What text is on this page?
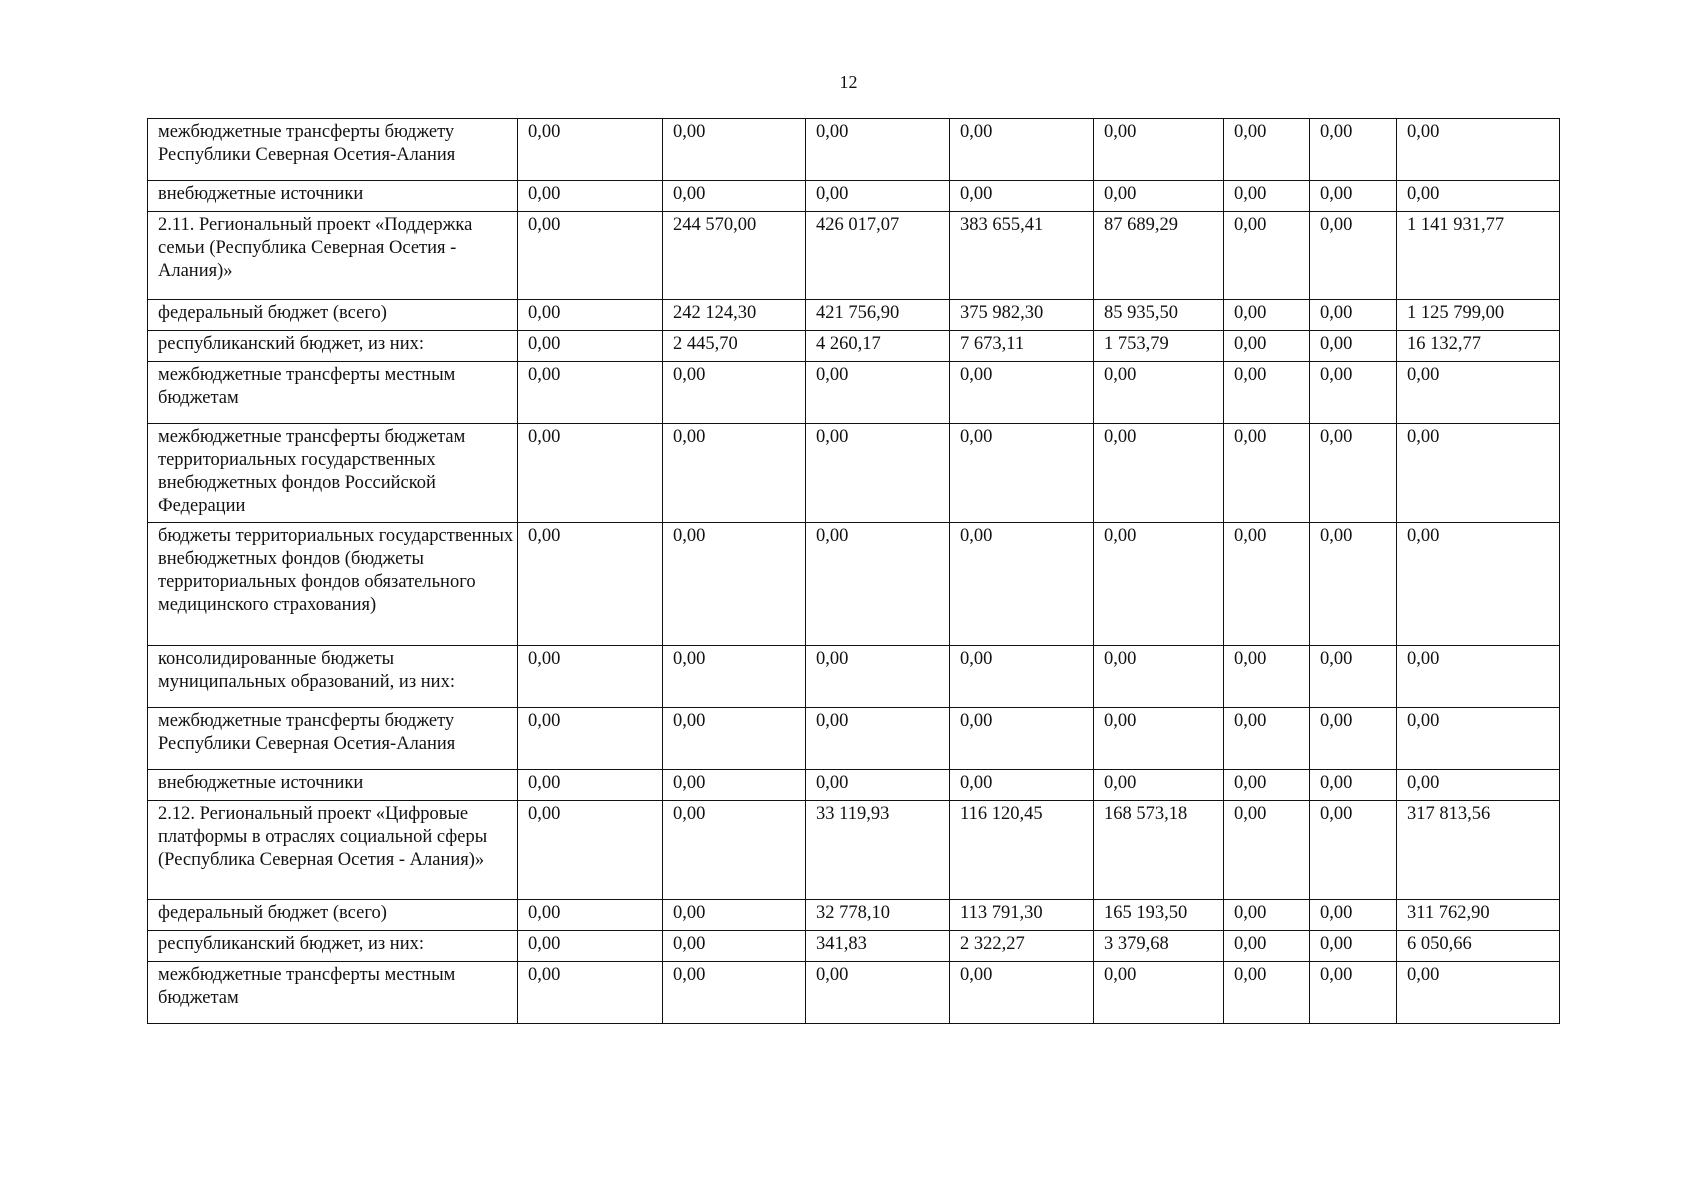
12
межбюджетные трансферты бюджету Республики Северная Осетия-Алания	0,00	0,00	0,00	0,00	0,00	0,00	0,00	0,00
внебюджетные источники	0,00	0,00	0,00	0,00	0,00	0,00	0,00	0,00
2.11. Региональный проект «Поддержка семьи (Республика Северная Осетия - Алания)»	0,00	244 570,00	426 017,07	383 655,41	87 689,29	0,00	0,00	1 141 931,77
федеральный бюджет (всего)	0,00	242 124,30	421 756,90	375 982,30	85 935,50	0,00	0,00	1 125 799,00
республиканский бюджет, из них:	0,00	2 445,70	4 260,17	7 673,11	1 753,79	0,00	0,00	16 132,77
межбюджетные трансферты местным бюджетам	0,00	0,00	0,00	0,00	0,00	0,00	0,00	0,00
межбюджетные трансферты бюджетам территориальных государственных внебюджетных фондов Российской Федерации	0,00	0,00	0,00	0,00	0,00	0,00	0,00	0,00
бюджеты территориальных государственных внебюджетных фондов (бюджеты территориальных фондов обязательного медицинского страхования)	0,00	0,00	0,00	0,00	0,00	0,00	0,00	0,00
консолидированные бюджеты муниципальных образований, из них:	0,00	0,00	0,00	0,00	0,00	0,00	0,00	0,00
межбюджетные трансферты бюджету Республики Северная Осетия-Алания	0,00	0,00	0,00	0,00	0,00	0,00	0,00	0,00
внебюджетные источники	0,00	0,00	0,00	0,00	0,00	0,00	0,00	0,00
2.12. Региональный проект «Цифровые платформы в отраслях социальной сферы (Республика Северная Осетия - Алания)»	0,00	0,00	33 119,93	116 120,45	168 573,18	0,00	0,00	317 813,56
федеральный бюджет (всего)	0,00	0,00	32 778,10	113 791,30	165 193,50	0,00	0,00	311 762,90
республиканский бюджет, из них:	0,00	0,00	341,83	2 322,27	3 379,68	0,00	0,00	6 050,66
межбюджетные трансферты местным бюджетам	0,00	0,00	0,00	0,00	0,00	0,00	0,00	0,00
